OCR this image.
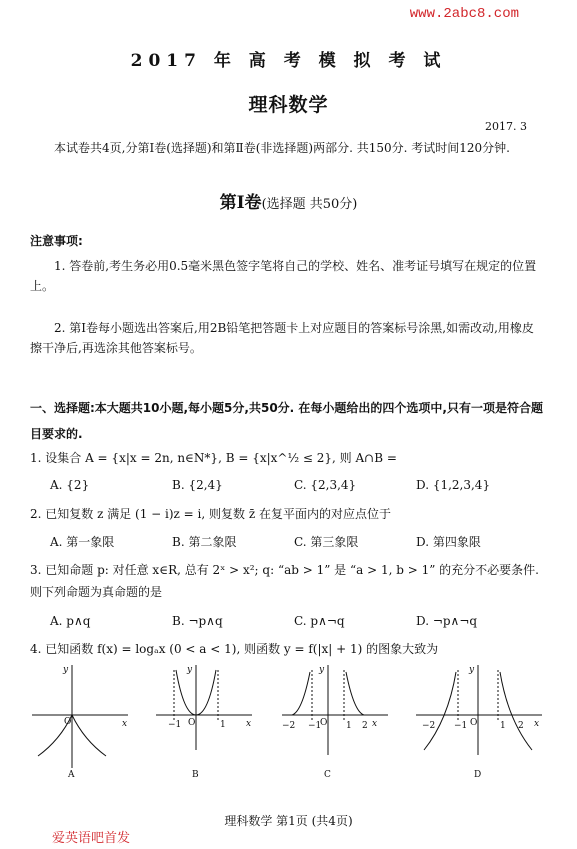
www.2abc8.com
2017 年 高 考 模 拟 考 试
理科数学
2017. 3

本试卷共4页,分第Ⅰ卷(选择题)和第Ⅱ卷(非选择题)两部分. 共150分. 考试时间120分钟.

第Ⅰ卷(选择题 共50分)
注意事项:

1. 答卷前,考生务必用0.5毫米黑色签字笔将自己的学校、姓名、准考证号填写在规定的位置上。

2. 第Ⅰ卷每小题选出答案后,用2B铅笔把答题卡上对应题目的答案标号涂黑,如需改动,用橡皮擦干净后,再选涂其他答案标号。

一、选择题:本大题共10小题,每小题5分,共50分. 在每小题给出的四个选项中,只有一项是符合题目要求的.
1. 设集合 A = {x|x = 2n, n∈N*}, B = {x|x^½ ≤ 2}, 则 A∩B =
A. {2}	B. {2,4}	C. {2,3,4}	D. {1,2,3,4}
2. 已知复数 z 满足 (1 − i)z = i, 则复数 z̄ 在复平面内的对应点位于
A. 第一象限	B. 第二象限	C. 第三象限	D. 第四象限
3. 已知命题 p: 对任意 x∈R, 总有 2ˣ > x²; q: “ab > 1” 是 “a > 1, b > 1” 的充分不必要条件. 则下列命题为真命题的是
A. p∧q	B. ¬p∧q	C. p∧¬q	D. ¬p∧¬q
4. 已知函数 f(x) = logₐx (0 < a < 1), 则函数 y = f(|x| + 1) 的图象大致为
O	x
y
A
−1 O	1 x
y
B
−2 −1
O 1 2 x
y
C
−2 −1 O	1 2 x
y
D
理科数学 第1页 (共4页)
爱英语吧首发
